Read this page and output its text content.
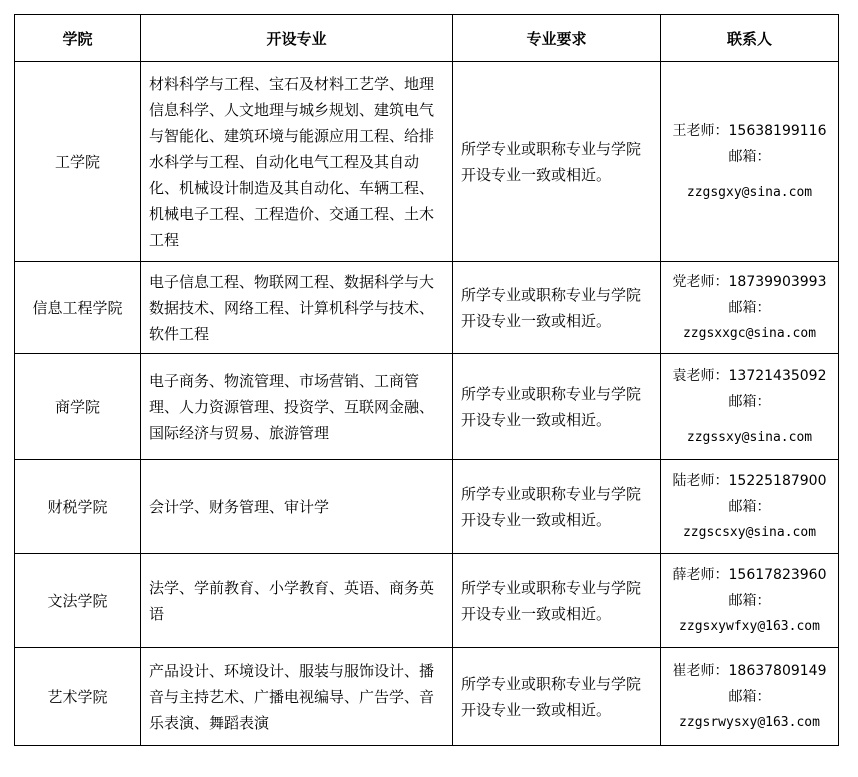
学院	开设专业	专业要求	联系人
工学院	材料科学与工程、宝石及材料工艺学、地理信息科学、人文地理与城乡规划、建筑电气与智能化、建筑环境与能源应用工程、给排水科学与工程、自动化电气工程及其自动化、机械设计制造及其自动化、车辆工程、机械电子工程、工程造价、交通工程、土木工程	所学专业或职称专业与学院开设专业一致或相近。	王老师：15638199116
邮箱：
zzgsgxy@sina.com

信息工程学院	电子信息工程、物联网工程、数据科学与大数据技术、网络工程、计算机科学与技术、软件工程	所学专业或职称专业与学院开设专业一致或相近。	党老师：18739903993
邮箱：
zzgsxxgc@sina.com

商学院	电子商务、物流管理、市场营销、工商管理、人力资源管理、投资学、互联网金融、国际经济与贸易、旅游管理	所学专业或职称专业与学院开设专业一致或相近。	袁老师：13721435092
邮箱：
zzgssxy@sina.com

财税学院	会计学、财务管理、审计学	所学专业或职称专业与学院开设专业一致或相近。	陆老师：15225187900
邮箱：
zzgscsxy@sina.com

文法学院	法学、学前教育、小学教育、英语、商务英语	所学专业或职称专业与学院开设专业一致或相近。	薛老师：15617823960
邮箱：
zzgsxywfxy@163.com

艺术学院	产品设计、环境设计、服装与服饰设计、播音与主持艺术、广播电视编导、广告学、音乐表演、舞蹈表演	所学专业或职称专业与学院开设专业一致或相近。	崔老师：18637809149
邮箱：
zzgsrwysxy@163.com
